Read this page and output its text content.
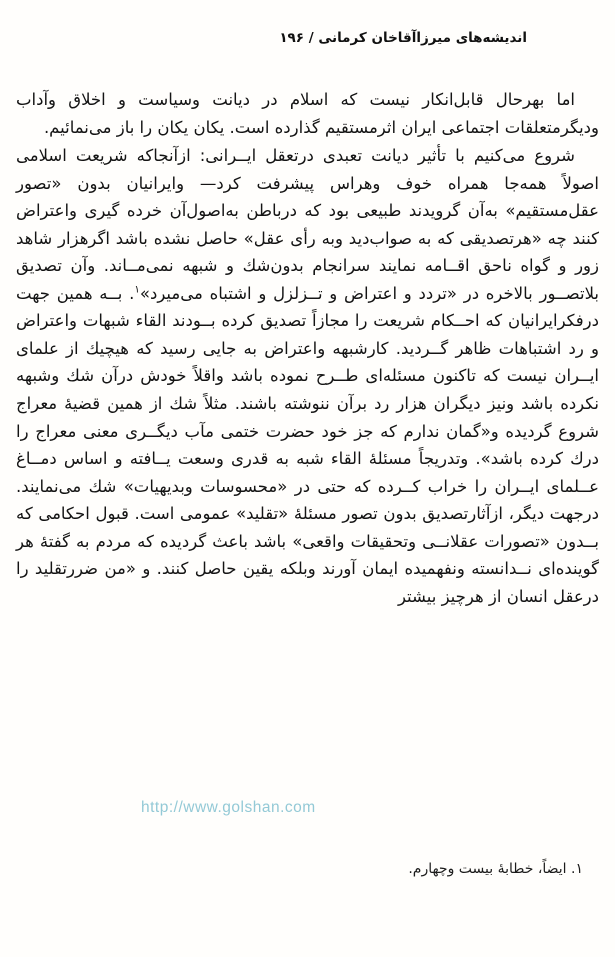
اندیشه‌های میرزاآقاخان کرمانی / ۱۹۶

اما بهرحال قابل‌انکار نیست که اسلام در دیانت وسیاست و اخلاق وآداب ودیگرمتعلقات اجتماعی ایران اثرمستقیم گذارده است. یکان یکان را باز می‌نمائیم.

شروع می‌کنیم با تأثیر دیانت تعبدی درتعقل ایــرانی: ازآنجاکه شریعت اسلامی اصولاً همه‌جا همراه خوف وهراس پیشرفت کرد— وایرانیان بدون «تصور عقل‌مستقیم» به‌آن گرویدند طبیعی بود که درباطن به‌اصول‌آن خرده گیری واعتراض کنند چه «هرتصدیقی که به صواب‌دید وبه رأی عقل» حاصل نشده باشد اگرهزار شاهد زور و گواه ناحق اقــامه نمایند سرانجام بدون‌شك و شبهه نمی‌مــاند. وآن تصدیق بلاتصــور بالاخره در «تردد و اعتراض و تــزلزل و اشتباه می‌میرد»$^۱$. بــه همین جهت درفکرایرانیان که احــکام شریعت را مجازاً تصدیق کرده بــودند القاء شبهات واعتراض و رد اشتباهات ظاهر گــردید. کارشبهه واعتراض به جایی رسید که هیچیك از علمای ایــران نیست که تاکنون مسئله‌ای طــرح نموده باشد واقلاً خودش درآن شك وشبهه نکرده باشد ونیز دیگران هزار رد برآن ننوشته باشند. مثلاً شك از همین قضیهٔ معراج شروع گردیده و«گمان ندارم که جز خود حضرت ختمی مآب دیگــری معنی معراج را درك کرده باشد». وتدریجاً مسئلهٔ القاء شبه به قدری وسعت یــافته و اساس دمــاغ عــلمای ایــران را خراب کــرده که حتی در «محسوسات وبدیهیات» شك می‌نمایند. درجهت دیگر، ازآثارتصدیق بدون تصور مسئلهٔ «تقلید» عمومی است. قبول احکامی که بــدون «تصورات عقلانــی وتحقیقات واقعی» باشد باعث گردیده که مردم به گفتهٔ هر گوینده‌ای نــدانسته ونفهمیده ایمان آورند وبلکه یقین حاصل کنند. و «من ضررتقلید را درعقل انسان از هرچیز بیشتر

http://www.golshan.com
۱. ایضاً، خطابهٔ بیست وچهارم.
